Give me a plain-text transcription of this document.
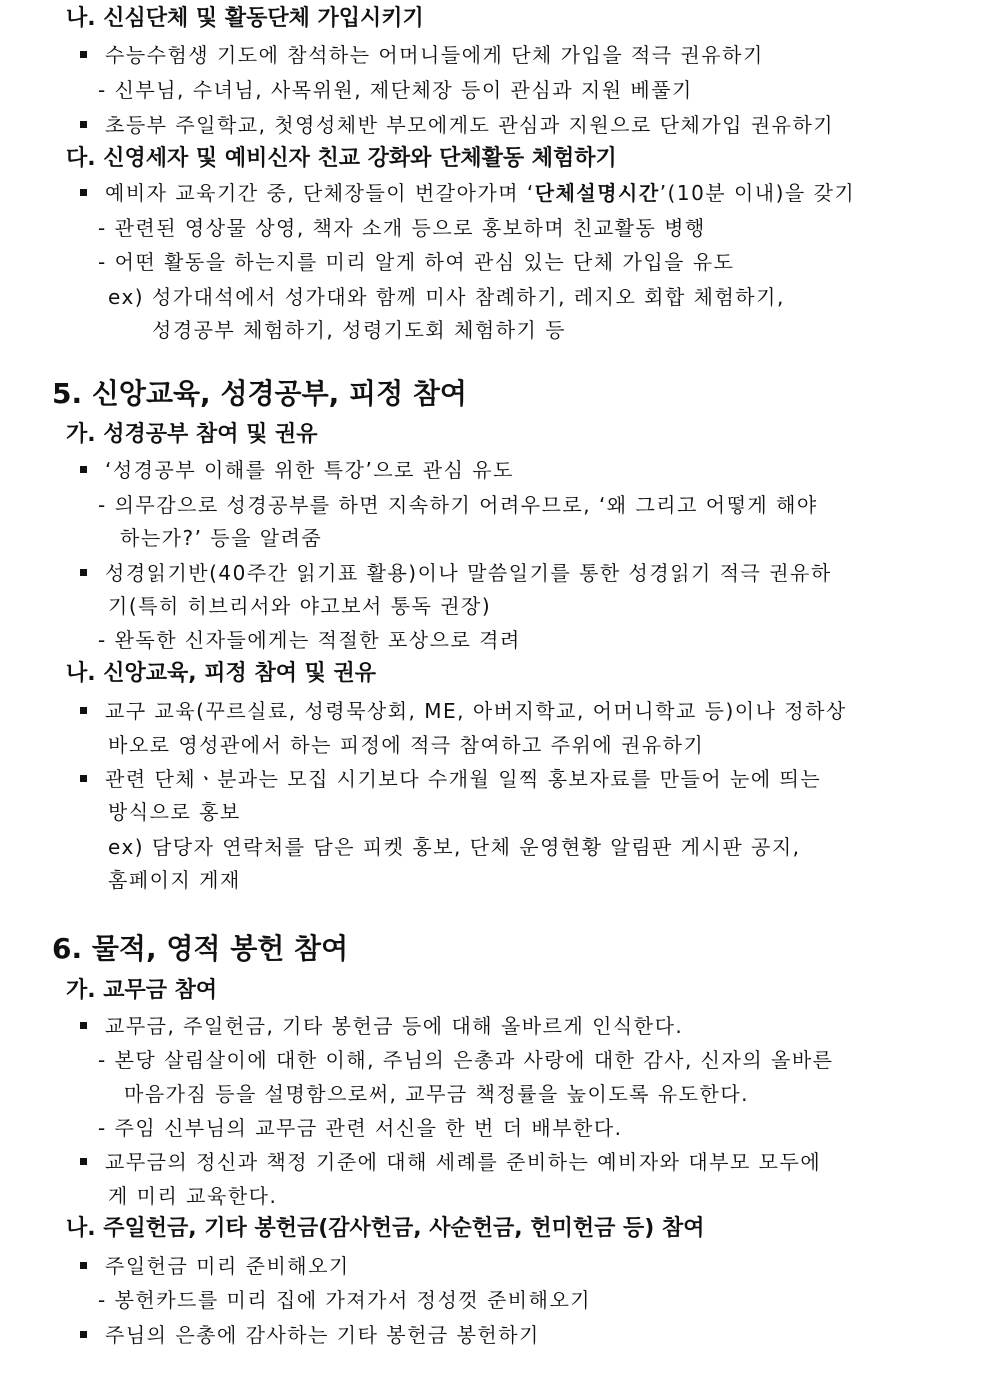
나. 신심단체 및 활동단체 가입시키기
수능수험생 기도에 참석하는 어머니들에게 단체 가입을 적극 권유하기
- 신부님, 수녀님, 사목위원, 제단체장 등이 관심과 지원 베풀기
초등부 주일학교, 첫영성체반 부모에게도 관심과 지원으로 단체가입 권유하기
다. 신영세자 및 예비신자 친교 강화와 단체활동 체험하기
예비자 교육기간 중, 단체장들이 번갈아가며 ‘단체설명시간’(10분 이내)을 갖기
- 관련된 영상물 상영, 책자 소개 등으로 홍보하며 친교활동 병행
- 어떤 활동을 하는지를 미리 알게 하여 관심 있는 단체 가입을 유도
ex) 성가대석에서 성가대와 함께 미사 참례하기, 레지오 회합 체험하기,
성경공부 체험하기, 성령기도회 체험하기 등
5. 신앙교육, 성경공부, 피정 참여
가. 성경공부 참여 및 권유
‘성경공부 이해를 위한 특강’으로 관심 유도
- 의무감으로 성경공부를 하면 지속하기 어려우므로, ‘왜 그리고 어떻게 해야
하는가?’ 등을 알려줌
성경읽기반(40주간 읽기표 활용)이나 말씀일기를 통한 성경읽기 적극 권유하
기(특히 히브리서와 야고보서 통독 권장)
- 완독한 신자들에게는 적절한 포상으로 격려
나. 신앙교육, 피정 참여 및 권유
교구 교육(꾸르실료, 성령묵상회, ME, 아버지학교, 어머니학교 등)이나 정하상
바오로 영성관에서 하는 피정에 적극 참여하고 주위에 권유하기
관련 단체ㆍ분과는 모집 시기보다 수개월 일찍 홍보자료를 만들어 눈에 띄는
방식으로 홍보
ex) 담당자 연락처를 담은 피켓 홍보, 단체 운영현황 알림판 게시판 공지,
홈페이지 게재
6. 물적, 영적 봉헌 참여
가. 교무금 참여
교무금, 주일헌금, 기타 봉헌금 등에 대해 올바르게 인식한다.
- 본당 살림살이에 대한 이해, 주님의 은총과 사랑에 대한 감사, 신자의 올바른
마음가짐 등을 설명함으로써, 교무금 책정률을 높이도록 유도한다.
- 주임 신부님의 교무금 관련 서신을 한 번 더 배부한다.
교무금의 정신과 책정 기준에 대해 세례를 준비하는 예비자와 대부모 모두에
게 미리 교육한다.
나. 주일헌금, 기타 봉헌금(감사헌금, 사순헌금, 헌미헌금 등) 참여
주일헌금 미리 준비해오기
- 봉헌카드를 미리 집에 가져가서 정성껏 준비해오기
주님의 은총에 감사하는 기타 봉헌금 봉헌하기
